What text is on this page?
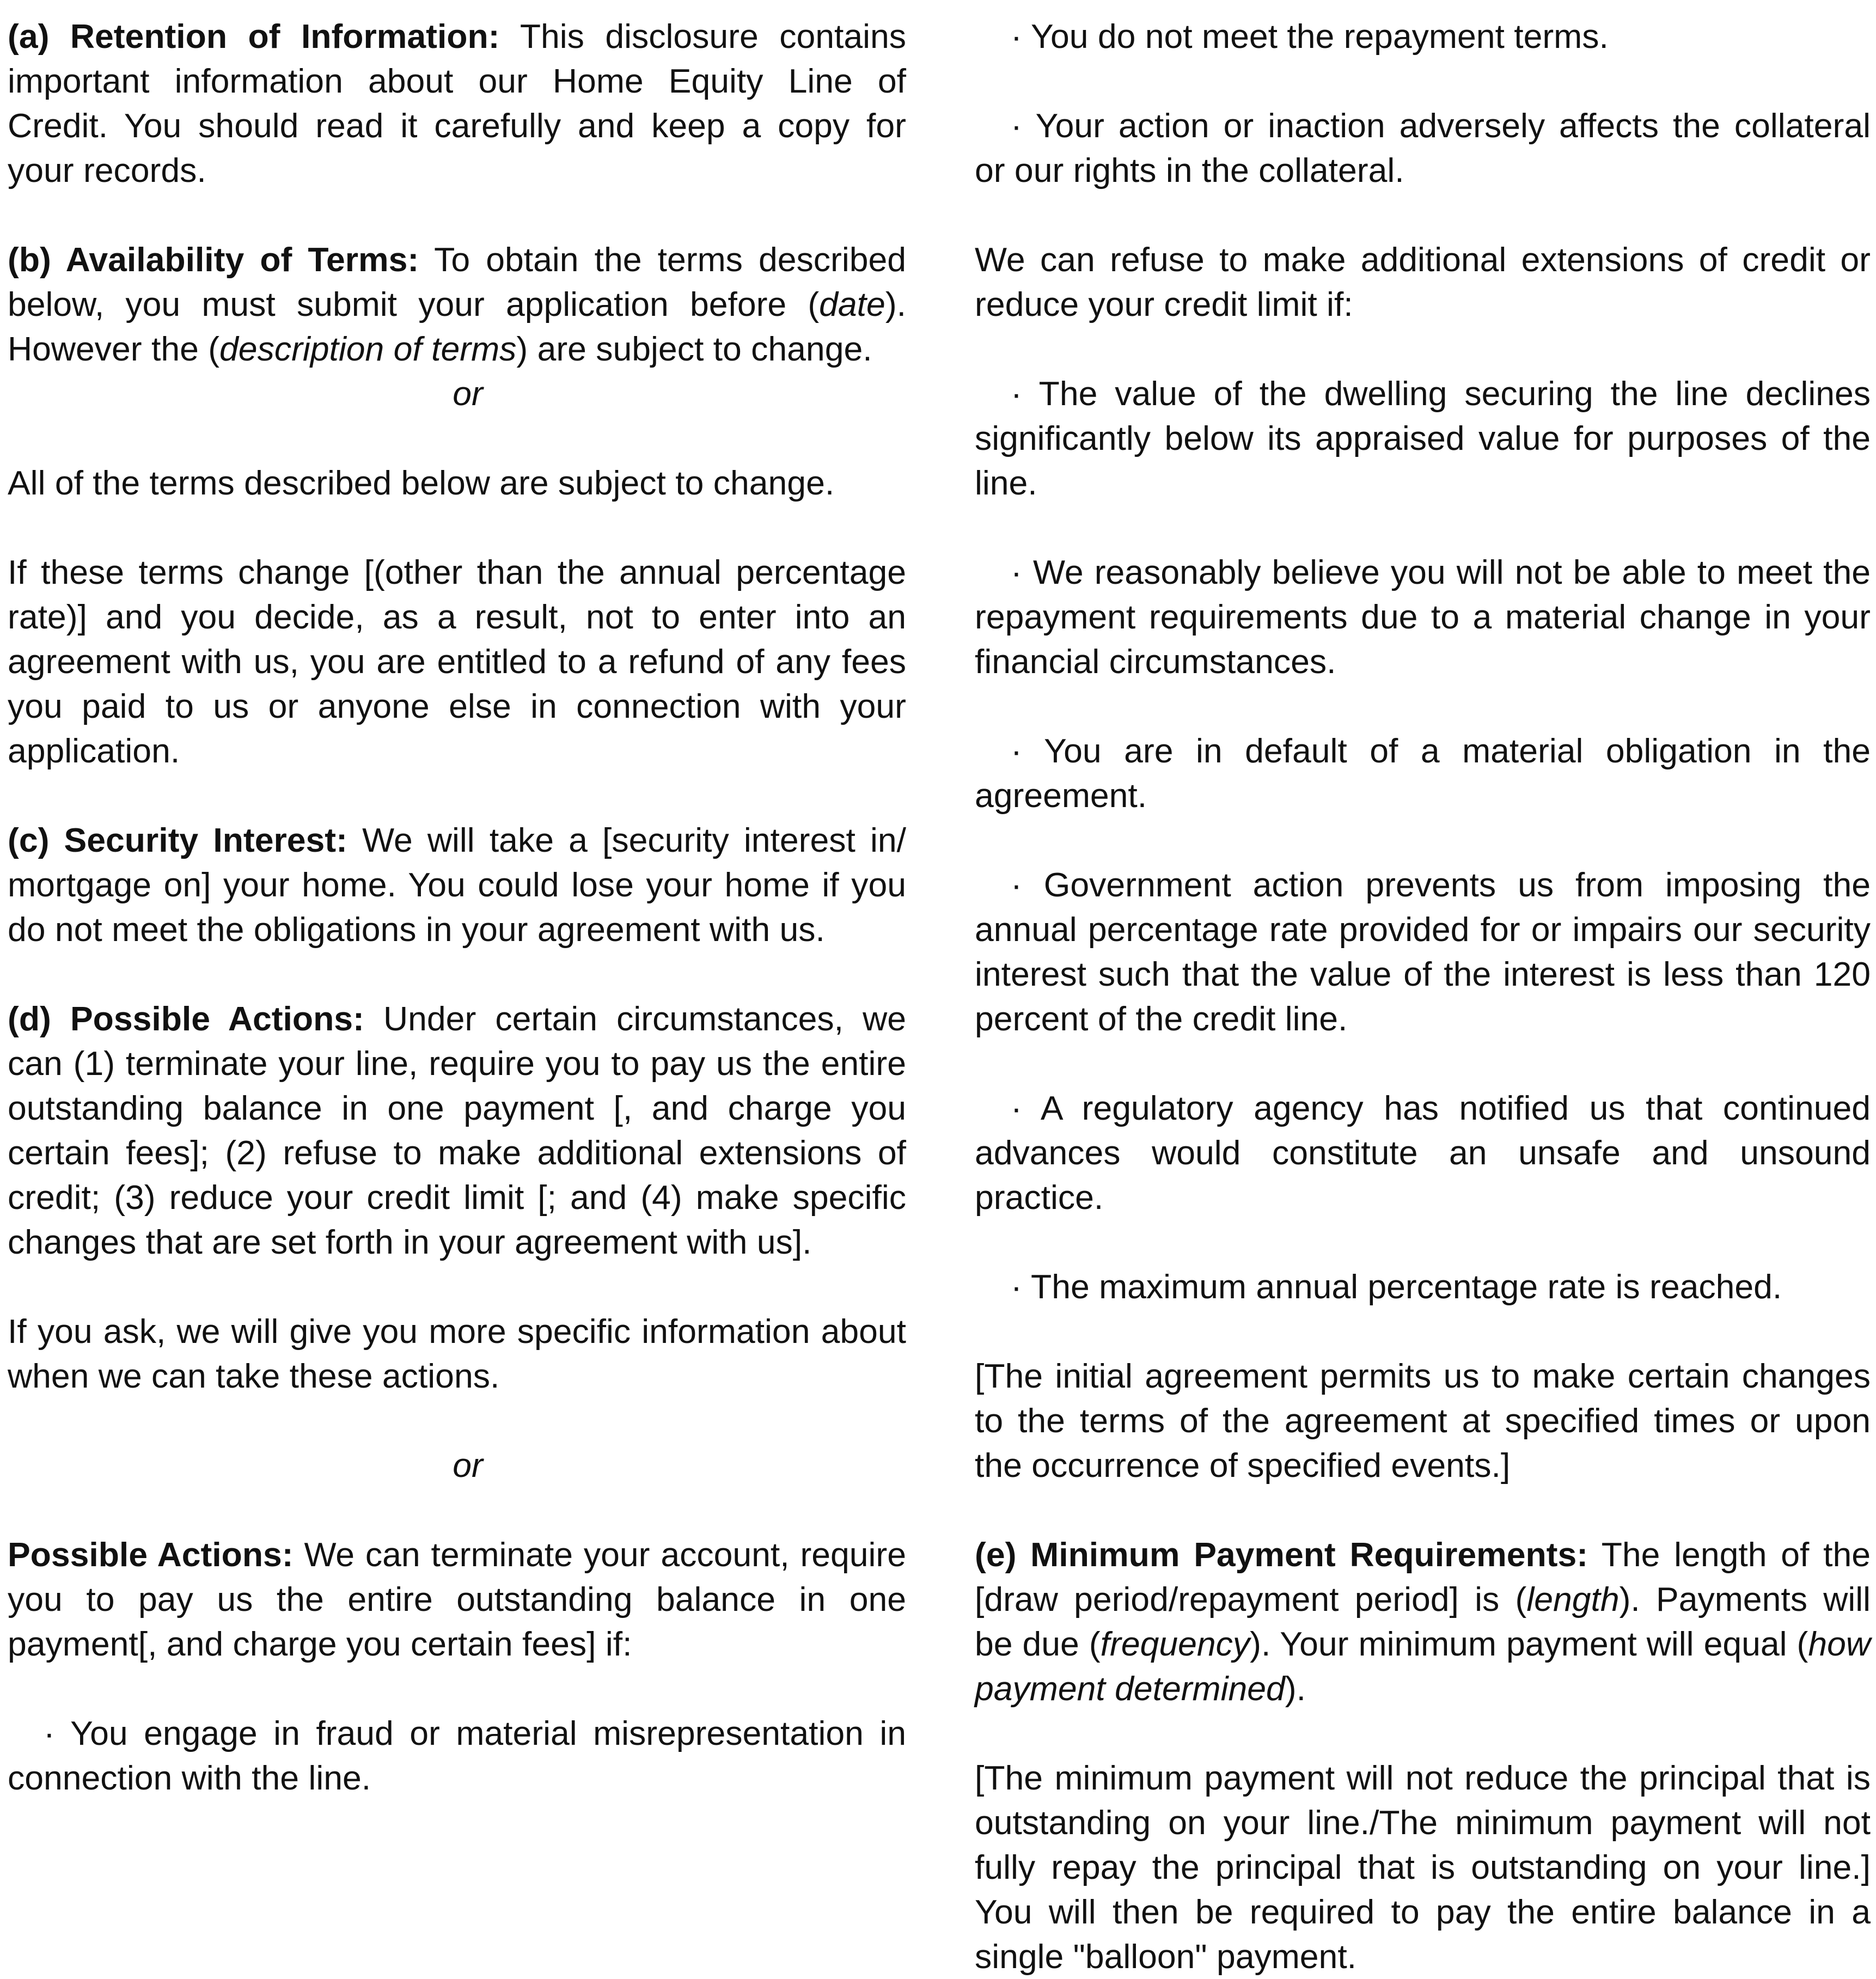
(a) Retention of Information: This disclosure contains important information about our Home Equity Line of Credit. You should read it carefully and keep a copy for your records.

(b) Availability of Terms: To obtain the terms described below, you must submit your application before (date). However the (description of terms) are subject to change.

or

All of the terms described below are subject to change.

If these terms change [(other than the annual percentage rate)] and you decide, as a result, not to enter into an agreement with us, you are entitled to a refund of any fees you paid to us or anyone else in connection with your application.

(c) Security Interest: We will take a [security interest in/ mortgage on] your home. You could lose your home if you do not meet the obligations in your agreement with us.

(d) Possible Actions: Under certain circumstances, we can (1) terminate your line, require you to pay us the entire outstanding balance in one payment [, and charge you certain fees]; (2) refuse to make additional extensions of credit; (3) reduce your credit limit [; and (4) make specific changes that are set forth in your agreement with us].

If you ask, we will give you more specific information about when we can take these actions.

or

Possible Actions: We can terminate your account, require you to pay us the entire outstanding balance in one payment[, and charge you certain fees] if:

· You engage in fraud or material misrepresentation in connection with the line.

· You do not meet the repayment terms.

· Your action or inaction adversely affects the collateral or our rights in the collateral.

We can refuse to make additional extensions of credit or reduce your credit limit if:

· The value of the dwelling securing the line declines significantly below its appraised value for purposes of the line.

· We reasonably believe you will not be able to meet the repayment requirements due to a material change in your financial circumstances.

· You are in default of a material obligation in the agreement.

· Government action prevents us from imposing the annual percentage rate provided for or impairs our security interest such that the value of the interest is less than 120 percent of the credit line.

· A regulatory agency has notified us that continued advances would constitute an unsafe and unsound practice.

· The maximum annual percentage rate is reached.

[The initial agreement permits us to make certain changes to the terms of the agreement at specified times or upon the occurrence of specified events.]

(e) Minimum Payment Requirements: The length of the [draw period/repayment period] is (length). Payments will be due (frequency). Your minimum payment will equal (how payment determined).

[The minimum payment will not reduce the principal that is outstanding on your line./The minimum payment will not fully repay the principal that is outstanding on your line.] You will then be required to pay the entire balance in a single "balloon" payment.
